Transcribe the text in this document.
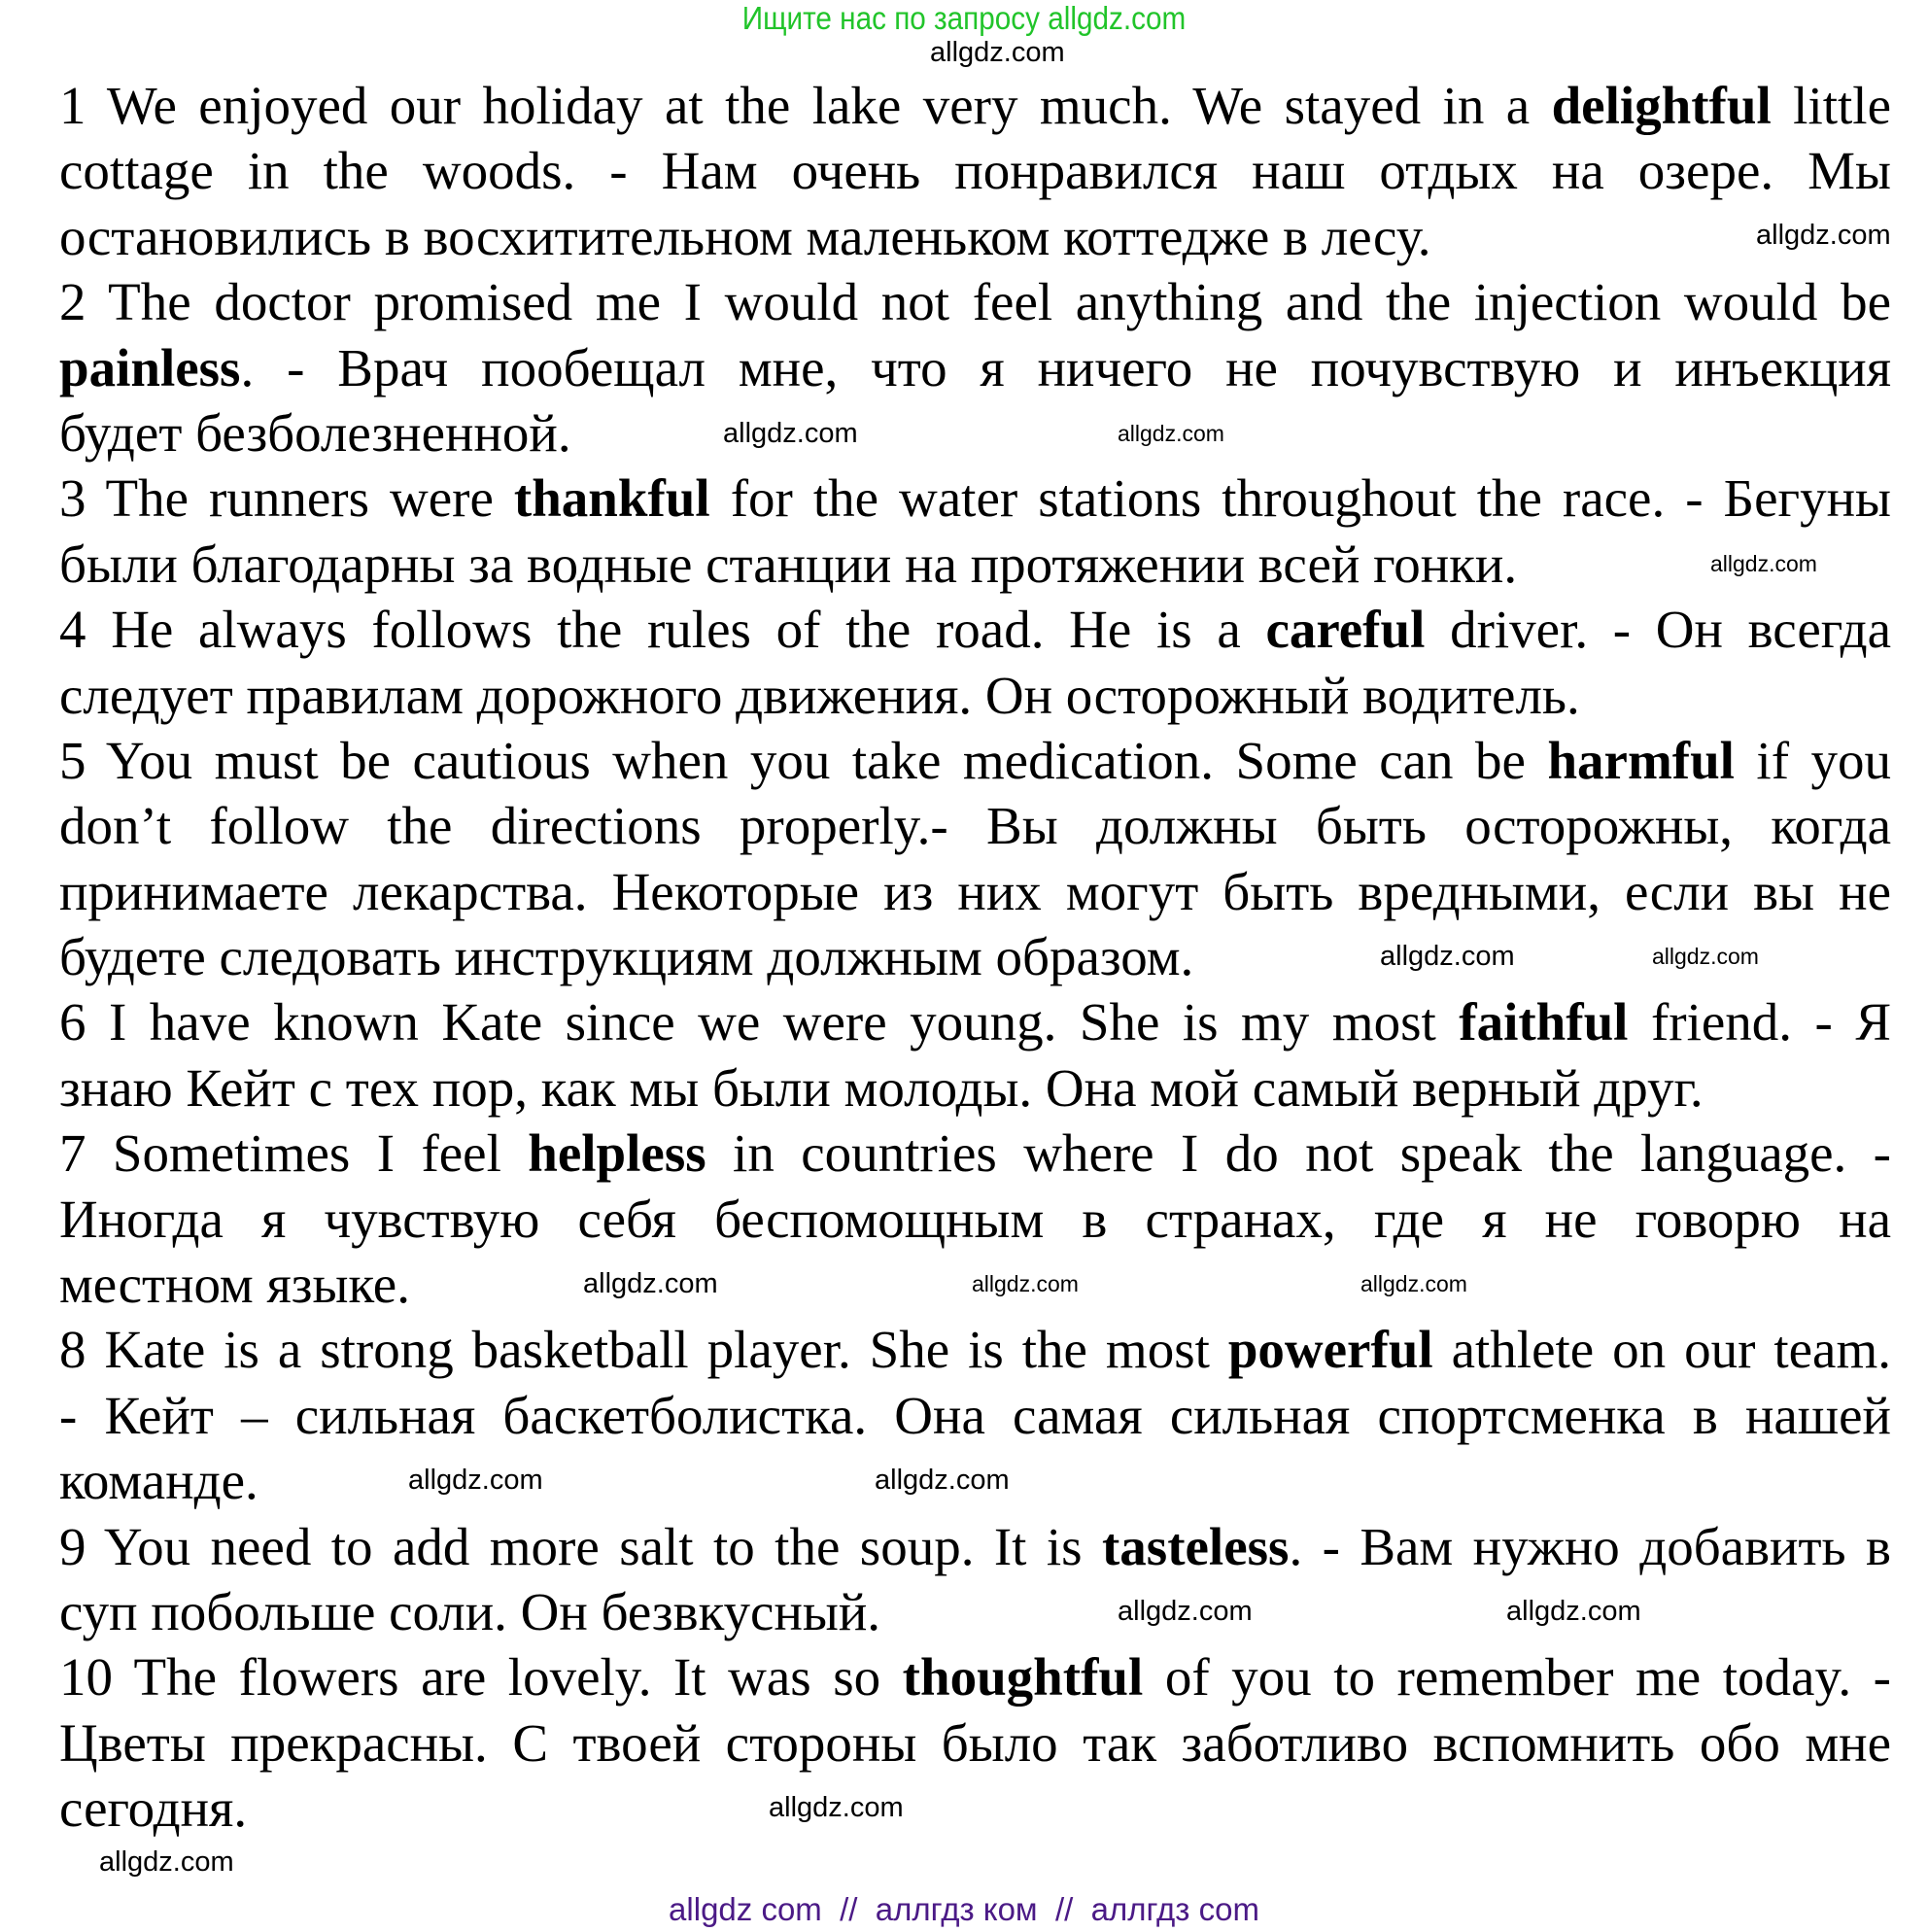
Ищите нас по запросу allgdz.com
1 We enjoyed our holiday at the lake very much. We stayed in a delightful little
cottage in the woods. - Нам очень понравился наш отдых на озере. Мы
остановились в восхитительном маленьком коттедже в лесу.
2 The doctor promised me I would not feel anything and the injection would be
painless. - Врач пообещал мне, что я ничего не почувствую и инъекция
будет безболезненной.
3 The runners were thankful for the water stations throughout the race. - Бегуны
были благодарны за водные станции на протяжении всей гонки.
4 He always follows the rules of the road. He is a careful driver. - Он всегда
следует правилам дорожного движения. Он осторожный водитель.
5 You must be cautious when you take medication. Some can be harmful if you
don’t follow the directions properly.- Вы должны быть осторожны, когда
принимаете лекарства. Некоторые из них могут быть вредными, если вы не
будете следовать инструкциям должным образом.
6 I have known Kate since we were young. She is my most faithful friend. - Я
знаю Кейт с тех пор, как мы были молоды. Она мой самый верный друг.
7 Sometimes I feel helpless in countries where I do not speak the language. -
Иногда я чувствую себя беспомощным в странах, где я не говорю на
местном языке.
8 Kate is a strong basketball player. She is the most powerful athlete on our team.
- Кейт – сильная баскетболистка. Она самая сильная спортсменка в нашей
команде.
9 You need to add more salt to the soup. It is tasteless. - Вам нужно добавить в
суп побольше соли. Он безвкусный.
10 The flowers are lovely. It was so thoughtful of you to remember me today. -
Цветы прекрасны. С твоей стороны было так заботливо вспомнить обо мне
сегодня.
allgdz.com
allgdz.com
allgdz.com	allgdz.com
allgdz.com
allgdz.com	allgdz.com
allgdz.com	allgdz.com	allgdz.com
allgdz.com	allgdz.com
allgdz.com	allgdz.com
allgdz.com
allgdz.com
allgdz com  //  аллгдз ком  //  аллгдз com
